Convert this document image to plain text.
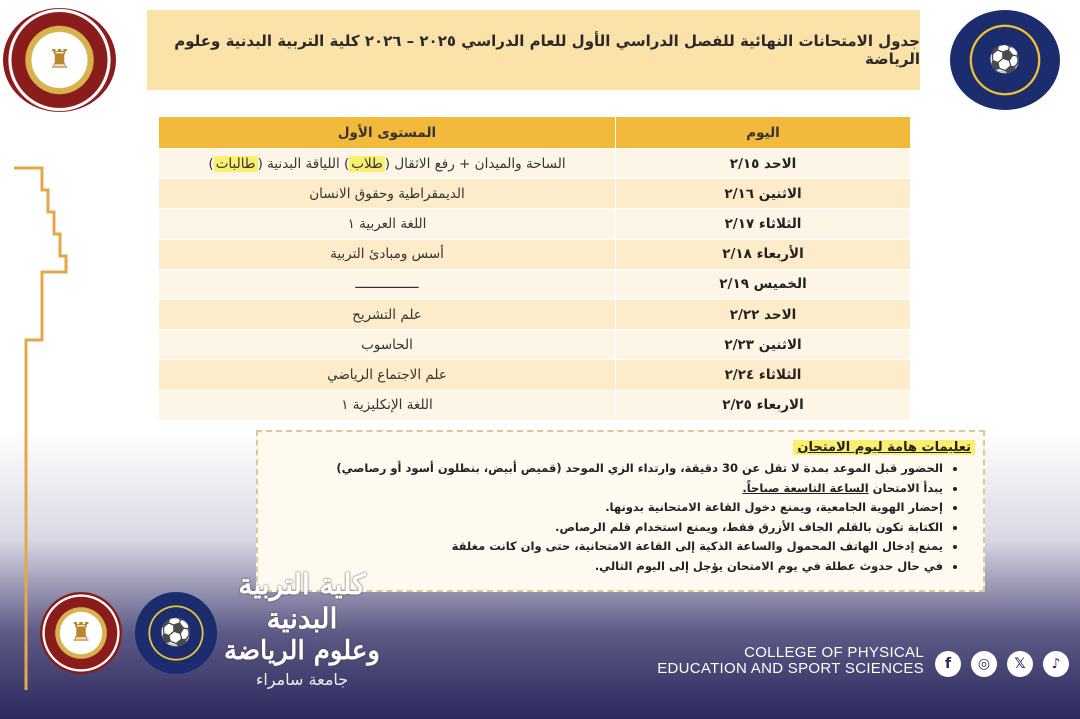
جدول الامتحانات النهائية للفصل الدراسي الأول للعام الدراسي ٢٠٢٥ – ٢٠٢٦ كلية التربية البدنية وعلوم الرياضة
♜	⚽
اليوم	المستوى الأول
الاحد ٢/١٥	الساحة والميدان + رفع الاثقال (طلاب) اللياقة البدنية (طالبات)
الاثنين ٢/١٦	الديمقراطية وحقوق الانسان
الثلاثاء ٢/١٧	اللغة العربية ١
الأربعاء ٢/١٨	أسس ومبادئ التربية
الخميس ٢/١٩	ــــــــــــــــ
الاحد ٢/٢٢	علم التشريح
الاثنين ٢/٢٣	الحاسوب
الثلاثاء ٢/٢٤	علم الاجتماع الرياضي
الاربعاء ٢/٢٥	اللغة الإنكليزية ١
تعليمات هامة ليوم الامتحان
• الحضور قبل الموعد بمدة لا تقل عن 30 دقيقة، وارتداء الزي الموحد (قميص أبيض، بنطلون أسود أو رصاصي)
• يبدأ الامتحان الساعة التاسعة صباحاً.
• إحضار الهوية الجامعية، ويمنع دخول القاعة الامتحانية بدونها.
• الكتابة تكون بالقلم الجاف الأزرق فقط، ويمنع استخدام قلم الرصاص.
• يمنع إدخال الهاتف المحمول والساعة الذكية إلى القاعة الامتحانية، حتى وان كانت مغلقة
• في حال حدوث عطلة في يوم الامتحان يؤجل إلى اليوم التالي.
♜	⚽
كلية التربية البدنية
وعلوم الرياضة
جامعة سامراء
COLLEGE OF PHYSICAL
EDUCATION AND SPORT SCIENCES	f	◎	𝕏	♪
